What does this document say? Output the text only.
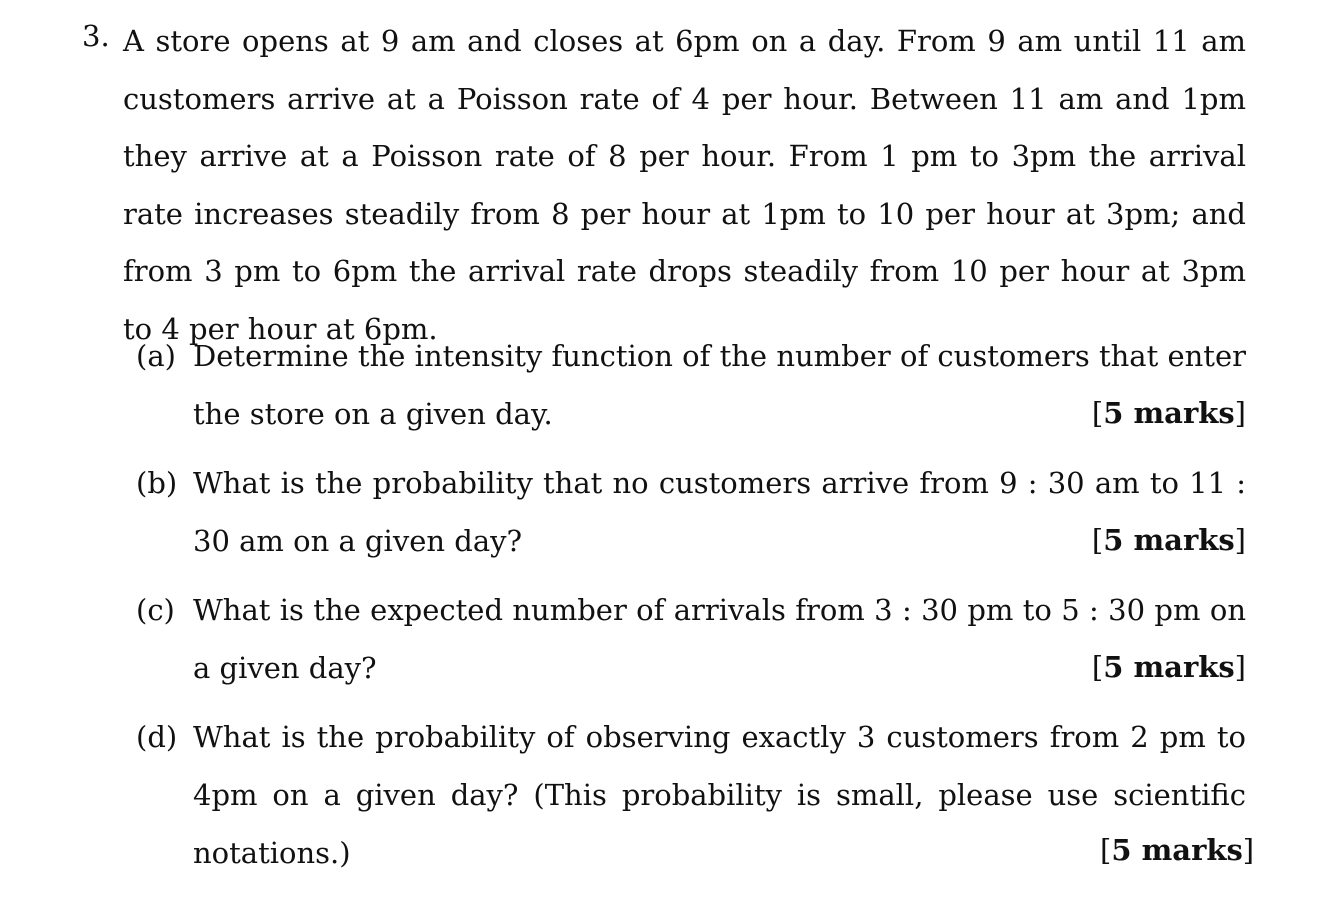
3. A store opens at 9 am and closes at 6pm on a day. From 9 am until 11 am customers arrive at a Poisson rate of 4 per hour. Between 11 am and 1pm they arrive at a Poisson rate of 8 per hour. From 1 pm to 3pm the arrival rate increases steadily from 8 per hour at 1pm to 10 per hour at 3pm; and from 3 pm to 6pm the arrival rate drops steadily from 10 per hour at 3pm to 4 per hour at 6pm.
(a) Determine the intensity function of the number of customers that enter the store on a given day.	[5 marks]
(b) What is the probability that no customers arrive from 9 : 30 am to 11 : 30 am on a given day?	[5 marks]
(c) What is the expected number of arrivals from 3 : 30 pm to 5 : 30 pm on a given day?	[5 marks]
(d) What is the probability of observing exactly 3 customers from 2 pm to 4pm on a given day? (This probability is small, please use scientific notations.)	[5 marks]
